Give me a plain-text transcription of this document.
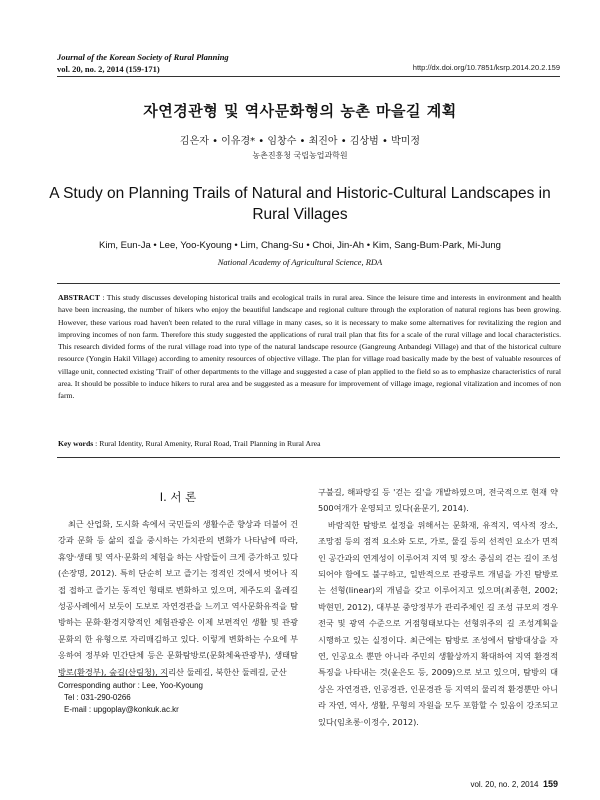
Journal of the Korean Society of Rural Planning
vol. 20, no. 2, 2014 (159-171)	http://dx.doi.org/10.7851/ksrp.2014.20.2.159
자연경관형 및 역사문화형의 농촌 마을길 계획
김은자 • 이유경* • 임창수 • 최진아 • 김상범 • 박미정
농촌진흥청 국립농업과학원
A Study on Planning Trails of Natural and Historic-Cultural Landscapes in Rural Villages
Kim, Eun-Ja • Lee, Yoo-Kyoung • Lim, Chang-Su • Choi, Jin-Ah • Kim, Sang-Bum·Park, Mi-Jung
National Academy of Agricultural Science, RDA
ABSTRACT : This study discusses developing historical trails and ecological trails in rural area. Since the leisure time and interests in environment and health have been increasing, the number of hikers who enjoy the beautiful landscape and regional culture through the exploration of natural regions has been growing. However, these various road haven't been related to the rural village in many cases, so it is necessary to make some alternatives for revitalizing the region and improving incomes of non farm. Therefore this study suggested the applications of rural trail plan that fits for a scale of the rural village and local characteristics. This research divided forms of the rural village road into type of the natural landscape resource (Gangreung Anbandegi Village) and that of the historical culture resource (Yongin Hakil Village) according to amenity resources of objective village. The plan for village road basically made by the best of valuable resources of village unit, connected existing 'Trail' of other departments to the village and suggested a case of plan applied to the field so as to emphasize characteristics of rural area. It should be possible to induce hikers to rural area and be suggested as a measure for improvement of village image, regional vitalization and incomes of non farm.
Key words : Rural Identity, Rural Amenity, Rural Road, Trail Planning in Rural Area
Ⅰ. 서 론

최근 산업화, 도시화 속에서 국민들의 생활수준 향상과 더불어 건강과 문화 등 삶의 질을 중시하는 가치관의 변화가 나타남에 따라, 휴양·생태 및 역사·문화의 체험을 하는 사람들이 크게 증가하고 있다(손장명, 2012). 특히 단순히 보고 즐기는 정적인 것에서 벗어나 직접 접하고 즐기는 동적인 형태로 변화하고 있으며, 제주도의 올레길 성공사례에서 보듯이 도보로 자연경관을 느끼고 역사문화유적을 탐방하는 문화·환경지향적인 체험관광은 이제 보편적인 생활 및 관광문화의 한 유형으로 자리매김하고 있다. 이렇게 변화하는 수요에 부응하여 정부와 민간단체 등은 문화탐방로(문화체육관광부), 생태탐방로(환경부), 숲길(산림청), 지리산 둘레길, 북한산 둘레길, 군산

구불길, 해파랑길 등 '걷는 길'을 개발하였으며, 전국적으로 현재 약 500여개가 운영되고 있다(윤문기, 2014).

바람직한 탐방로 설정을 위해서는 문화재, 유적지, 역사적 장소, 조망점 등의 점적 요소와 도로, 가로, 물길 등의 선적인 요소가 면적인 공간과의 연계성이 이루어져 지역 및 장소 중심의 걷는 길이 조성되어야 함에도 불구하고, 일반적으로 관광루트 개념을 가진 탐방로는 선형(linear)의 개념을 갖고 이루어지고 있으며(최종현, 2002; 박현민, 2012), 대부분 중앙정부가 관리주체인 길 조성 규모의 경우 전국 및 광역 수준으로 거점형태보다는 선형위주의 길 조성계획을 시행하고 있는 실정이다. 최근에는 탐방로 조성에서 탐방대상을 자연, 인공요소 뿐만 아니라 주민의 생활상까지 확대하여 지역 환경적 특징을 나타내는 것(윤은도 등, 2009)으로 보고 있으며, 탐방의 대상은 자연경관, 인공경관, 인문경관 등 지역의 물리적 환경뿐만 아니라 자연, 역사, 생활, 무형의 자원을 모두 포함할 수 있음이 강조되고 있다(임초롱·이정수, 2012).

Corresponding author : Lee, Yoo-Kyoung
Tel : 031-290-0266
E-mail : upgoplay@konkuk.ac.kr
vol. 20, no. 2, 2014 159
